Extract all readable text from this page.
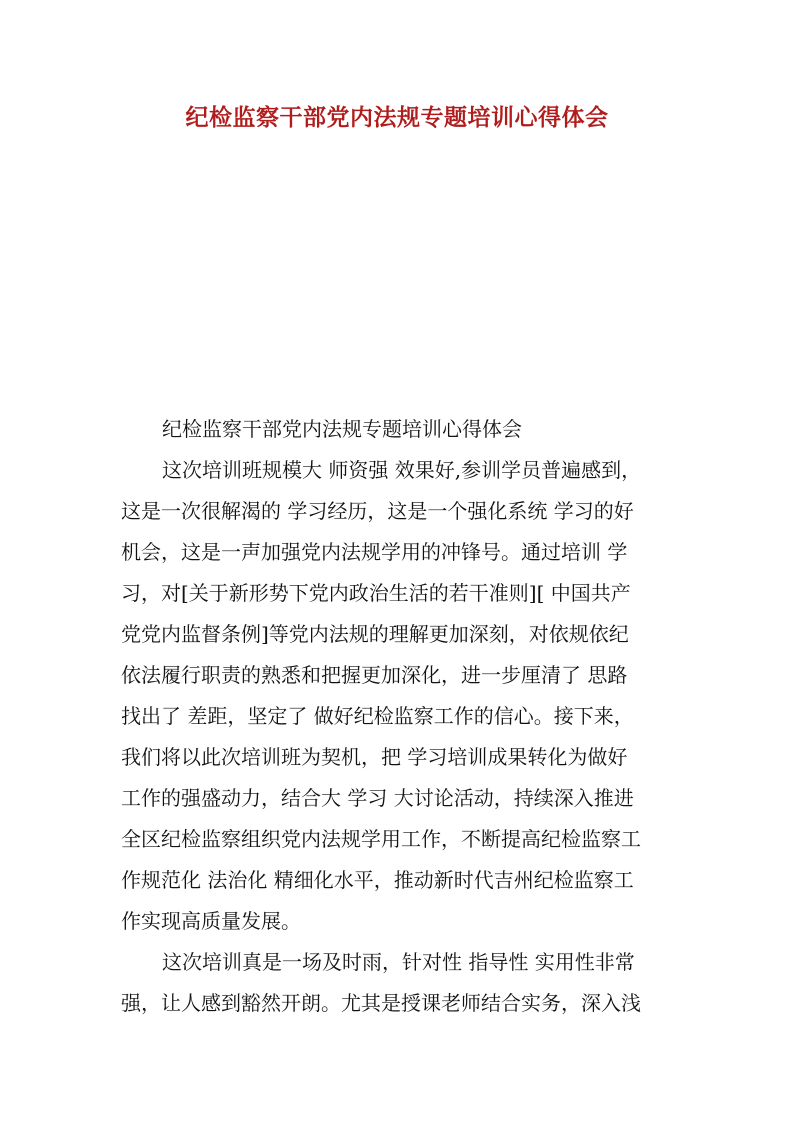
纪检监察干部党内法规专题培训心得体会
纪检监察干部党内法规专题培训心得体会
这次培训班规模大 师资强 效果好,参训学员普遍感到，
这是一次很解渴的 学习经历，这是一个强化系统 学习的好
机会，这是一声加强党内法规学用的冲锋号。通过培训 学
习，对[关于新形势下党内政治生活的若干准则][ 中国共产
党党内监督条例]等党内法规的理解更加深刻，对依规依纪
依法履行职责的熟悉和把握更加深化，进一步厘清了 思路
找出了 差距，坚定了 做好纪检监察工作的信心。接下来，
我们将以此次培训班为契机，把 学习培训成果转化为做好
工作的强盛动力，结合大 学习 大讨论活动，持续深入推进
全区纪检监察组织党内法规学用工作，不断提高纪检监察工
作规范化 法治化 精细化水平，推动新时代吉州纪检监察工
作实现高质量发展。
这次培训真是一场及时雨，针对性 指导性 实用性非常
强，让人感到豁然开朗。尤其是授课老师结合实务，深入浅
